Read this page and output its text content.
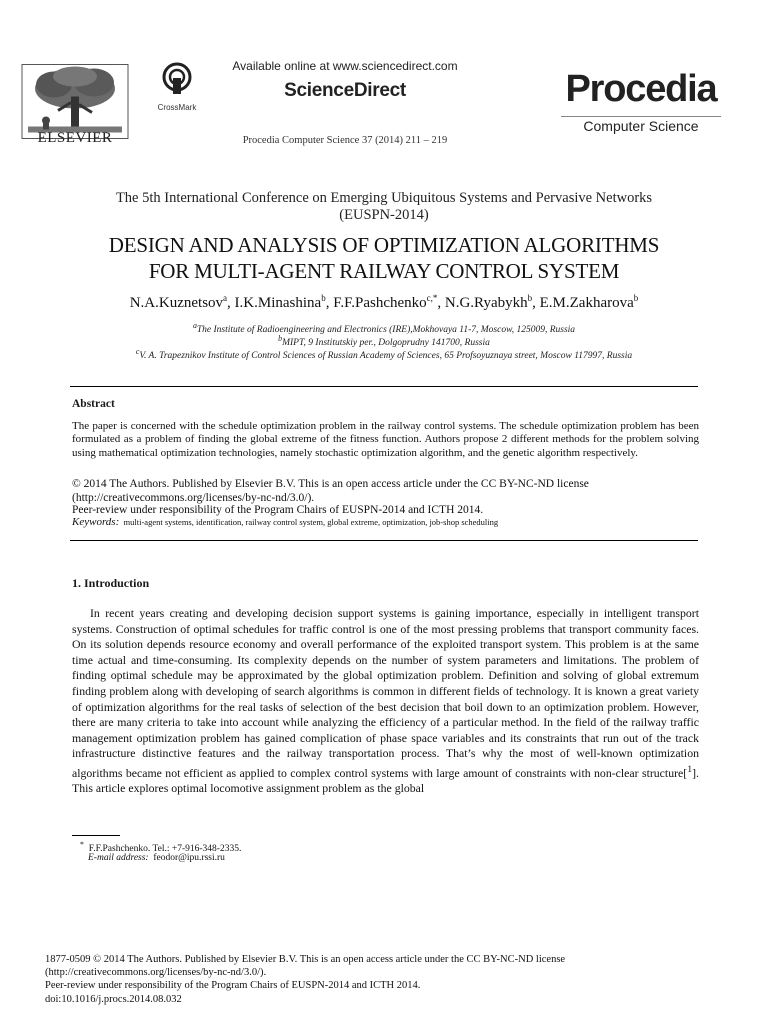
ELSEVIER
CrossMark
Available online at www.sciencedirect.com
ScienceDirect
Procedia Computer Science 37 (2014) 211 – 219
Procedia
Computer Science
The 5th International Conference on Emerging Ubiquitous Systems and Pervasive Networks
(EUSPN-2014)
DESIGN AND ANALYSIS OF OPTIMIZATION ALGORITHMS
FOR MULTI-AGENT RAILWAY CONTROL SYSTEM
N.A.Kuznetsov$^a$, I.K.Minashina$^b$, F.F.Pashchenko$^{c,*}$, N.G.Ryabykh$^b$, E.M.Zakharova$^b$
$^a$The Institute of Radioengineering and Electronics (IRE),Mokhovaya 11-7, Moscow, 125009, Russia
$^b$MIPT, 9 Institutskiy per., Dolgoprudny 141700, Russia
$^c$V. A. Trapeznikov Institute of Control Sciences of Russian Academy of Sciences, 65 Profsoyuznaya street, Moscow 117997, Russia
Abstract
The paper is concerned with the schedule optimization problem in the railway control systems. The schedule optimization problem has been formulated as a problem of finding the global extreme of the fitness function. Authors propose 2 different methods for the problem solving using mathematical optimization technologies, namely stochastic optimization algorithm, and the genetic algorithm respectively.
© 2014 The Authors. Published by Elsevier B.V. This is an open access article under the CC BY-NC-ND license (http://creativecommons.org/licenses/by-nc-nd/3.0/).
Peer-review under responsibility of the Program Chairs of EUSPN-2014 and ICTH 2014.
Keywords: multi-agent systems, identification, railway control system, global extreme, optimization, job-shop scheduling
1. Introduction
In recent years creating and developing decision support systems is gaining importance, especially in intelligent transport systems. Construction of optimal schedules for traffic control is one of the most pressing problems that transport community faces. On its solution depends resource economy and overall performance of the exploited transport system. This problem is at the same time actual and time-consuming. Its complexity depends on the number of system parameters and limitations. The problem of finding optimal schedule may be approximated by the global optimization problem. Definition and solving of global extremum finding problem along with developing of search algorithms is common in different fields of technology. It is known a great variety of optimization algorithms for the real tasks of selection of the best decision that boil down to an optimization problem. However, there are many criteria to take into account while analyzing the efficiency of a particular method. In the field of the railway traffic management optimization problem has gained complication of phase space variables and its constraints that run out of the track infrastructure distinctive features and the railway transportation process. That’s why the most of well-known optimization algorithms became not efficient as applied to complex control systems with large amount of constraints with non-clear structure[$^1$]. This article explores optimal locomotive assignment problem as the global
* F.F.Pashchenko. Tel.: +7-916-348-2335.
E-mail address: feodor@ipu.rssi.ru
1877-0509 © 2014 The Authors. Published by Elsevier B.V. This is an open access article under the CC BY-NC-ND license
(http://creativecommons.org/licenses/by-nc-nd/3.0/).
Peer-review under responsibility of the Program Chairs of EUSPN-2014 and ICTH 2014.
doi:10.1016/j.procs.2014.08.032
